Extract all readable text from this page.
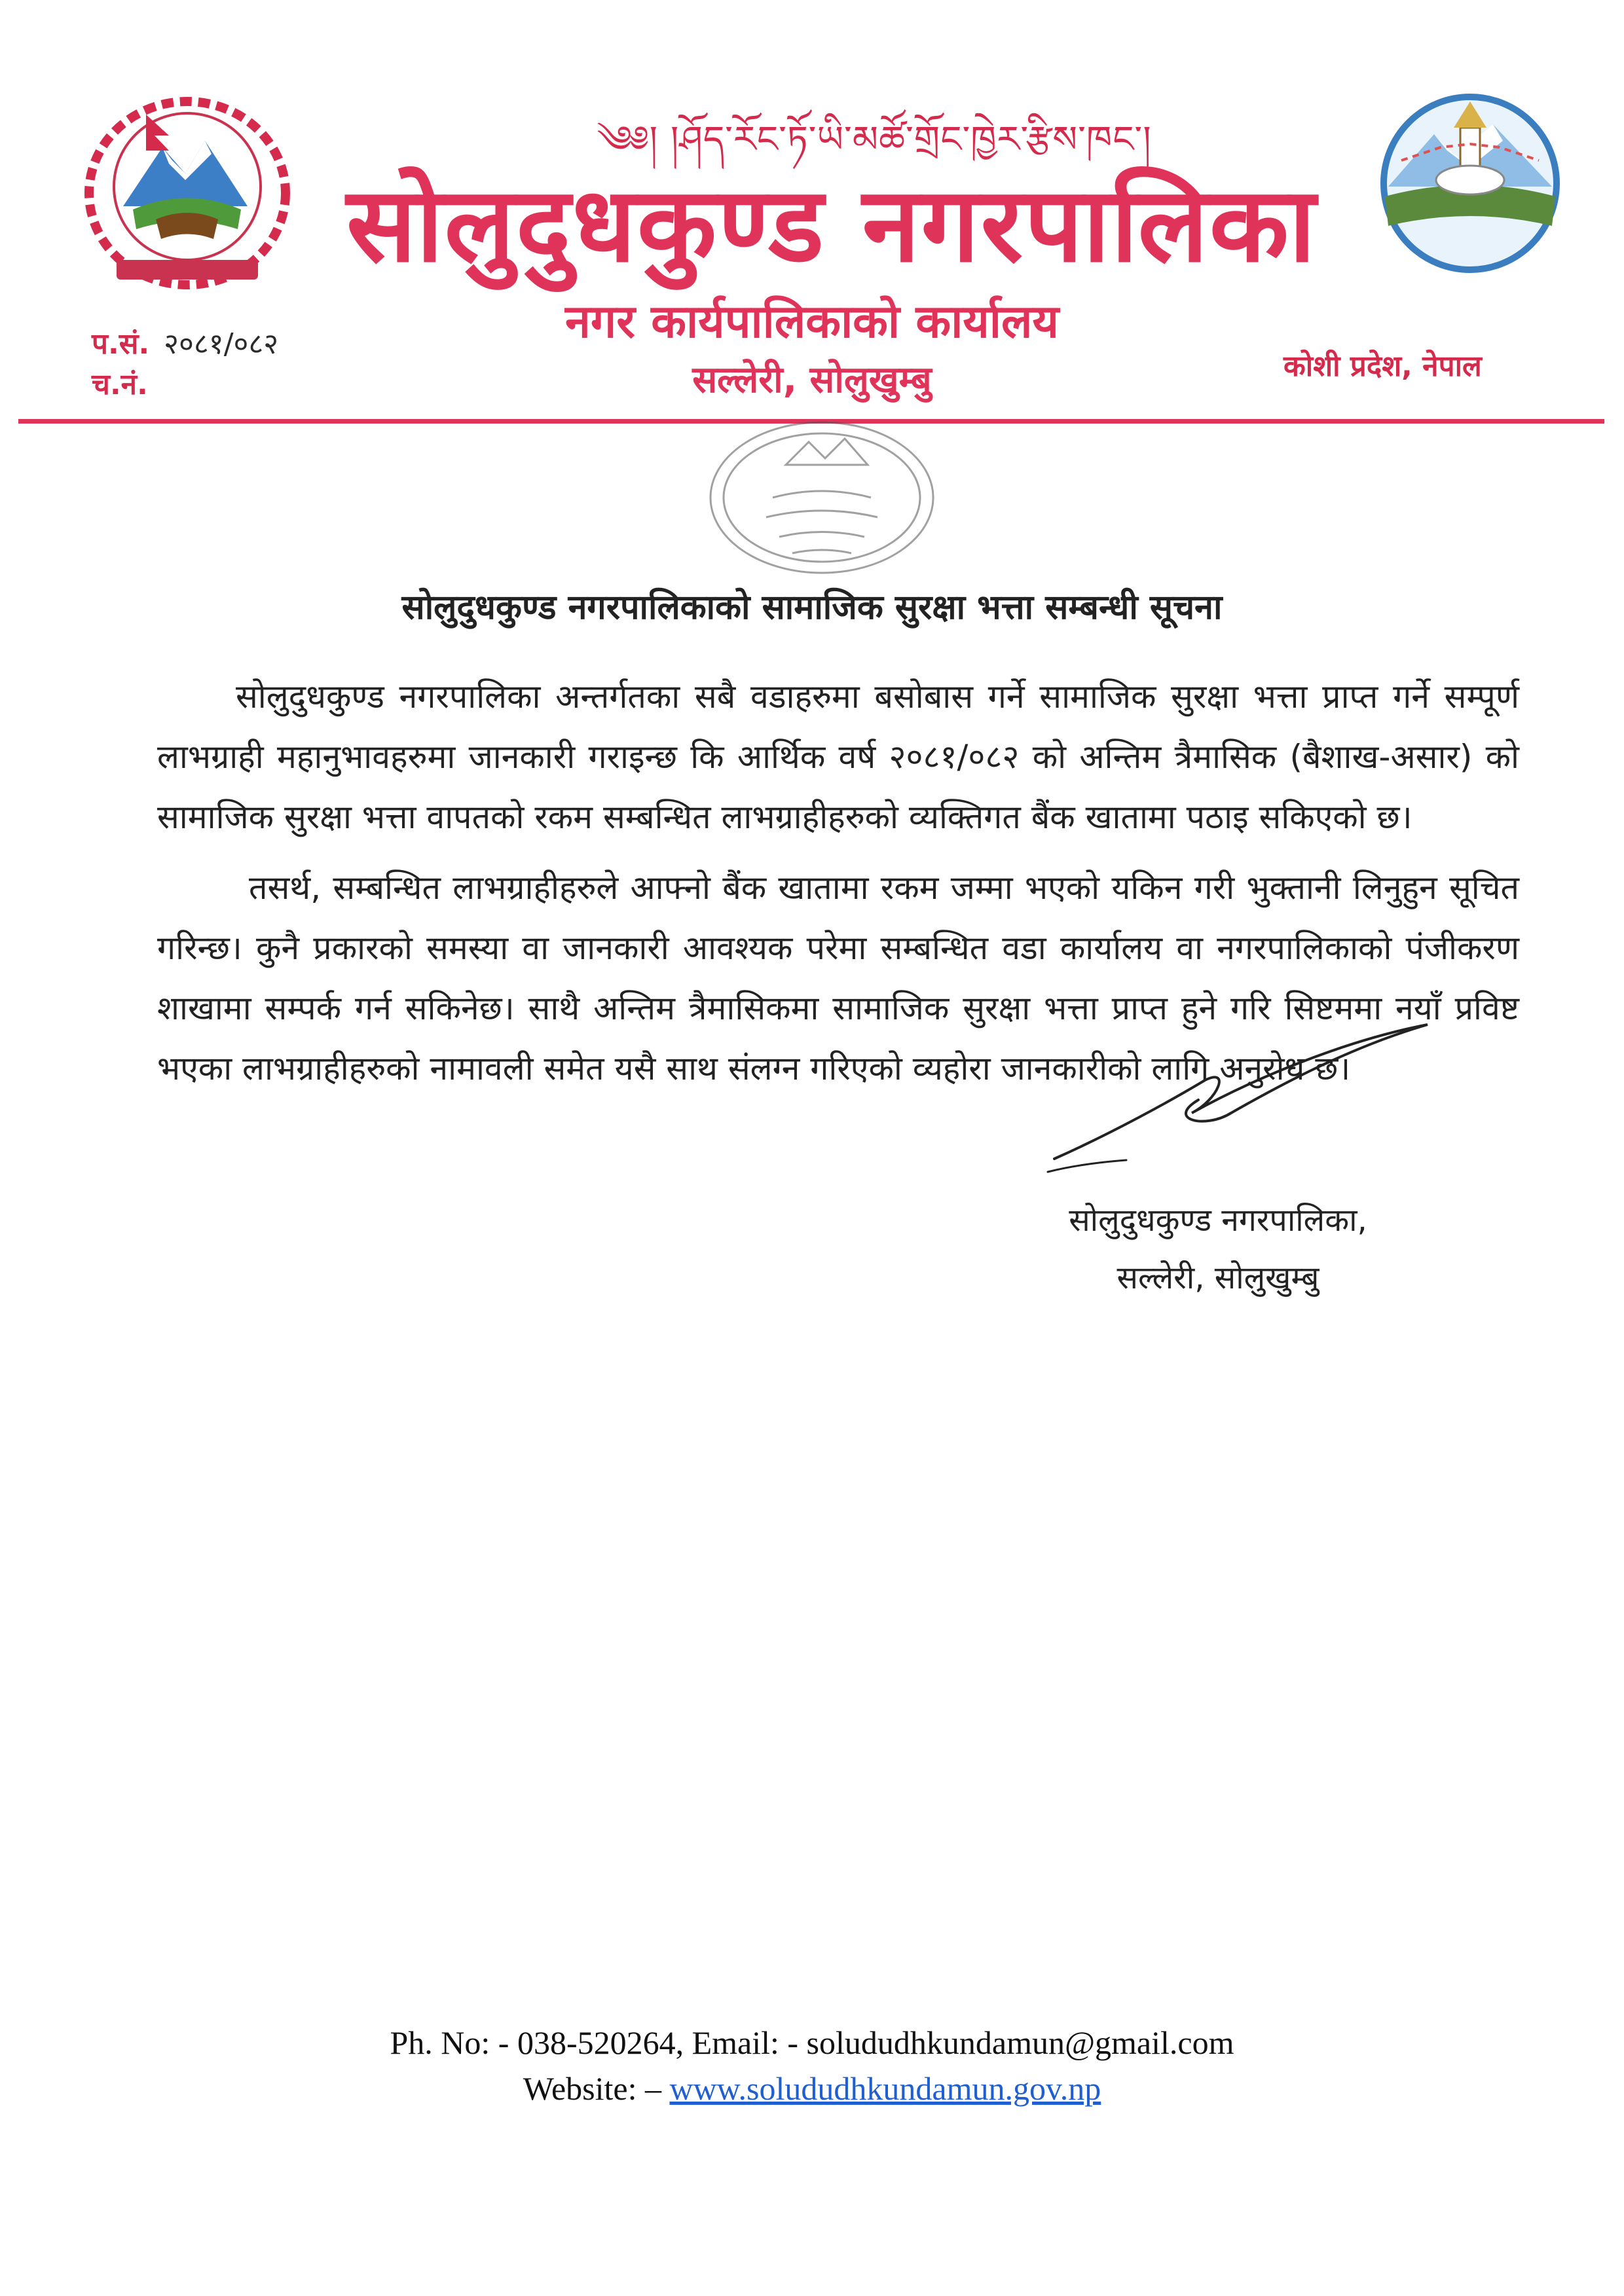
༄༅། །ཤོད་རོང་ཏོ་ཡི་མཚོ་གྲོང་ཁྱེར་རྩིས་ཁང་།
सोलुदुधकुण्ड नगरपालिका
नगर कार्यपालिकाको कार्यालय
सल्लेरी, सोलुखुम्बु
प.सं. २०८१/०८२
च.नं.
कोशी प्रदेश, नेपाल
सोलुदुधकुण्ड नगरपालिकाको सामाजिक सुरक्षा भत्ता सम्बन्धी सूचना

सोलुदुधकुण्ड नगरपालिका अन्तर्गतका सबै वडाहरुमा बसोबास गर्ने सामाजिक सुरक्षा भत्ता प्राप्त गर्ने सम्पूर्ण लाभग्राही महानुभावहरुमा जानकारी गराइन्छ कि आर्थिक वर्ष २०८१/०८२ को अन्तिम त्रैमासिक (बैशाख-असार) को सामाजिक सुरक्षा भत्ता वापतको रकम सम्बन्धित लाभग्राहीहरुको व्यक्तिगत बैंक खातामा पठाइ सकिएको छ।

तसर्थ, सम्बन्धित लाभग्राहीहरुले आफ्नो बैंक खातामा रकम जम्मा भएको यकिन गरी भुक्तानी लिनुहुन सूचित गरिन्छ। कुनै प्रकारको समस्या वा जानकारी आवश्यक परेमा सम्बन्धित वडा कार्यालय वा नगरपालिकाको पंजीकरण शाखामा सम्पर्क गर्न सकिनेछ। साथै अन्तिम त्रैमासिकमा सामाजिक सुरक्षा भत्ता प्राप्त हुने गरि सिष्टममा नयाँ प्रविष्ट भएका लाभग्राहीहरुको नामावली समेत यसै साथ संलग्न गरिएको व्यहोरा जानकारीको लागि अनुरोध छ।

सोलुदुधकुण्ड नगरपालिका,
सल्लेरी, सोलुखुम्बु
Ph. No: - 038-520264, Email: - solududhkundamun@gmail.com
Website: – www.solududhkundamun.gov.np
